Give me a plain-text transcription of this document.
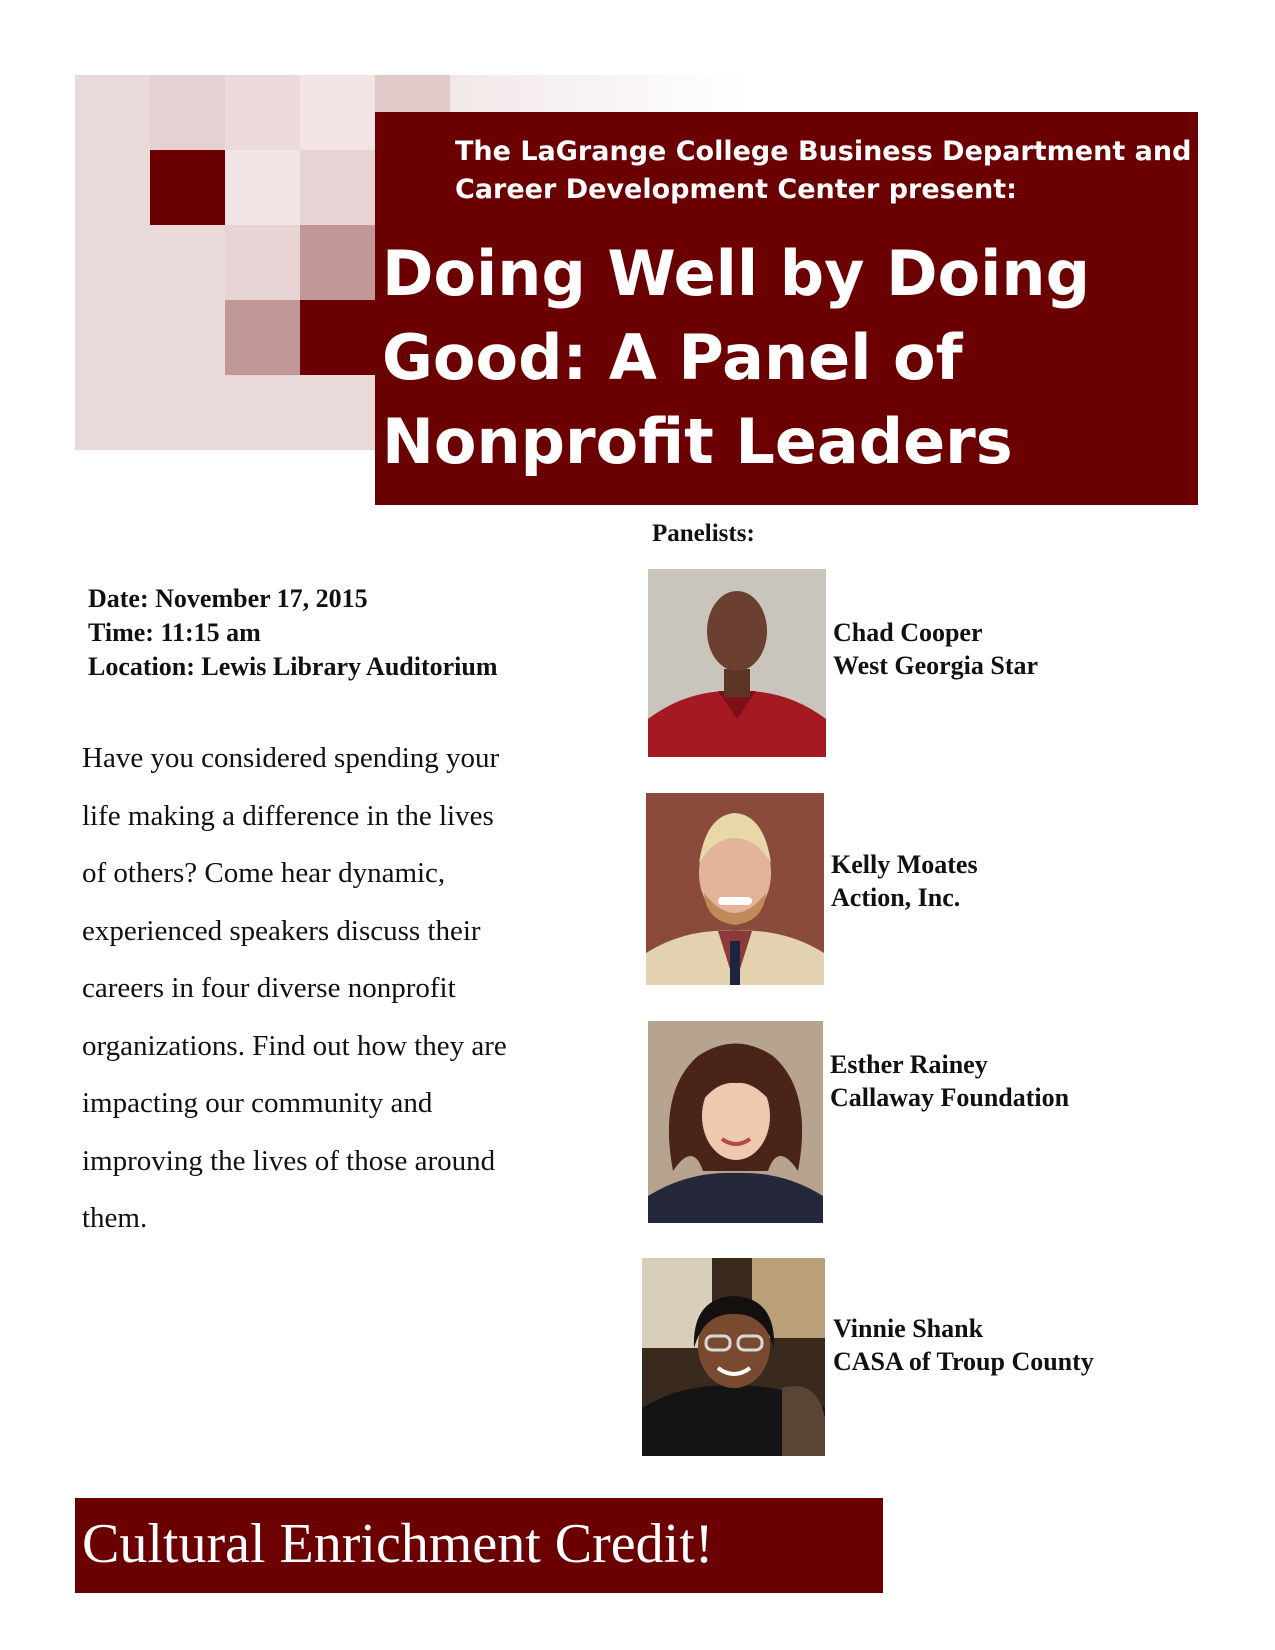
The LaGrange College Business Department and
Career Development Center present:
Doing Well by Doing
Good: A Panel of
Nonprofit Leaders
Panelists:
Date: November 17, 2015
Time: 11:15 am
Location: Lewis Library Auditorium
Have you considered spending your
life making a difference in the lives
of others? Come hear dynamic,
experienced speakers discuss their
careers in four diverse nonprofit
organizations. Find out how they are
impacting our community and
improving the lives of those around
them.
Chad Cooper
West Georgia Star
Kelly Moates
Action, Inc.
Esther Rainey
Callaway Foundation
Vinnie Shank
CASA of Troup County
Cultural Enrichment Credit!
